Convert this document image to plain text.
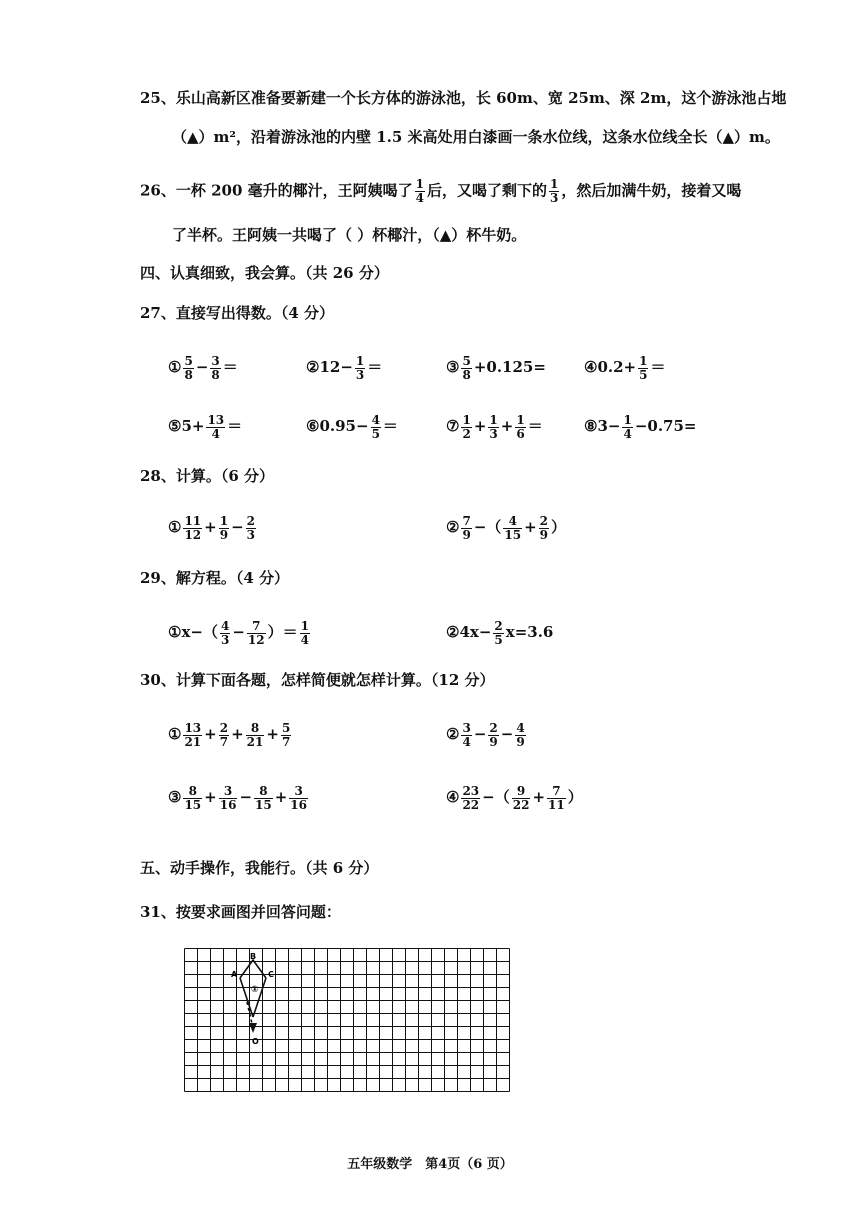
25、乐山高新区准备要新建一个长方体的游泳池，长 60m、宽 25m、深 2m，这个游泳池占地
（▲）m²，沿着游泳池的内壁 1.5 米高处用白漆画一条水位线，这条水位线全长（▲）m。
26、一杯 200 毫升的椰汁，王阿姨喝了 $\frac{1}{4}$ 后，又喝了剩下的 $\frac{1}{3}$ ，然后加满牛奶，接着又喝
了半杯。王阿姨一共喝了（ ）杯椰汁，（▲）杯牛奶。
四、认真细致，我会算。（共 26 分）
27、直接写出得数。（4 分）
① $\frac{5}{8} - \frac{3}{8}$ ＝	②12− $\frac{1}{3}$ ＝	③ $\frac{5}{8} +0.125=$	④0.2+ $\frac{1}{5}$ ＝
⑤5+ $\frac{13}{4}$ ＝	⑥0.95− $\frac{4}{5}$ ＝	⑦ $\frac{1}{2} + \frac{1}{3} + \frac{1}{6}$ ＝	⑧3− $\frac{1}{4} -0.75=$
28、计算。（6 分）
① $\frac{11}{12} + \frac{1}{9} - \frac{2}{3}$	② $\frac{7}{9}$ −（ $\frac{4}{15} + \frac{2}{9}$ ）
29、解方程。（4 分）
①x−（ $\frac{4}{3} - \frac{7}{12}$ ）＝ $\frac{1}{4}$	②4x− $\frac{2}{5} x=3.6$
30、计算下面各题，怎样简便就怎样计算。（12 分）
① $\frac{13}{21} + \frac{2}{7} + \frac{8}{21} + \frac{5}{7}$	② $\frac{3}{4} - \frac{2}{9} - \frac{4}{9}$
③ $\frac{8}{15} + \frac{3}{16} - \frac{8}{15} + \frac{3}{16}$	④ $\frac{23}{22}$ −（ $\frac{9}{22} + \frac{7}{11}$ ）
五、动手操作，我能行。（共 6 分）
31、按要求画图并回答问题：
B
A	C
①
O
五年级数学　第4页（6 页）
